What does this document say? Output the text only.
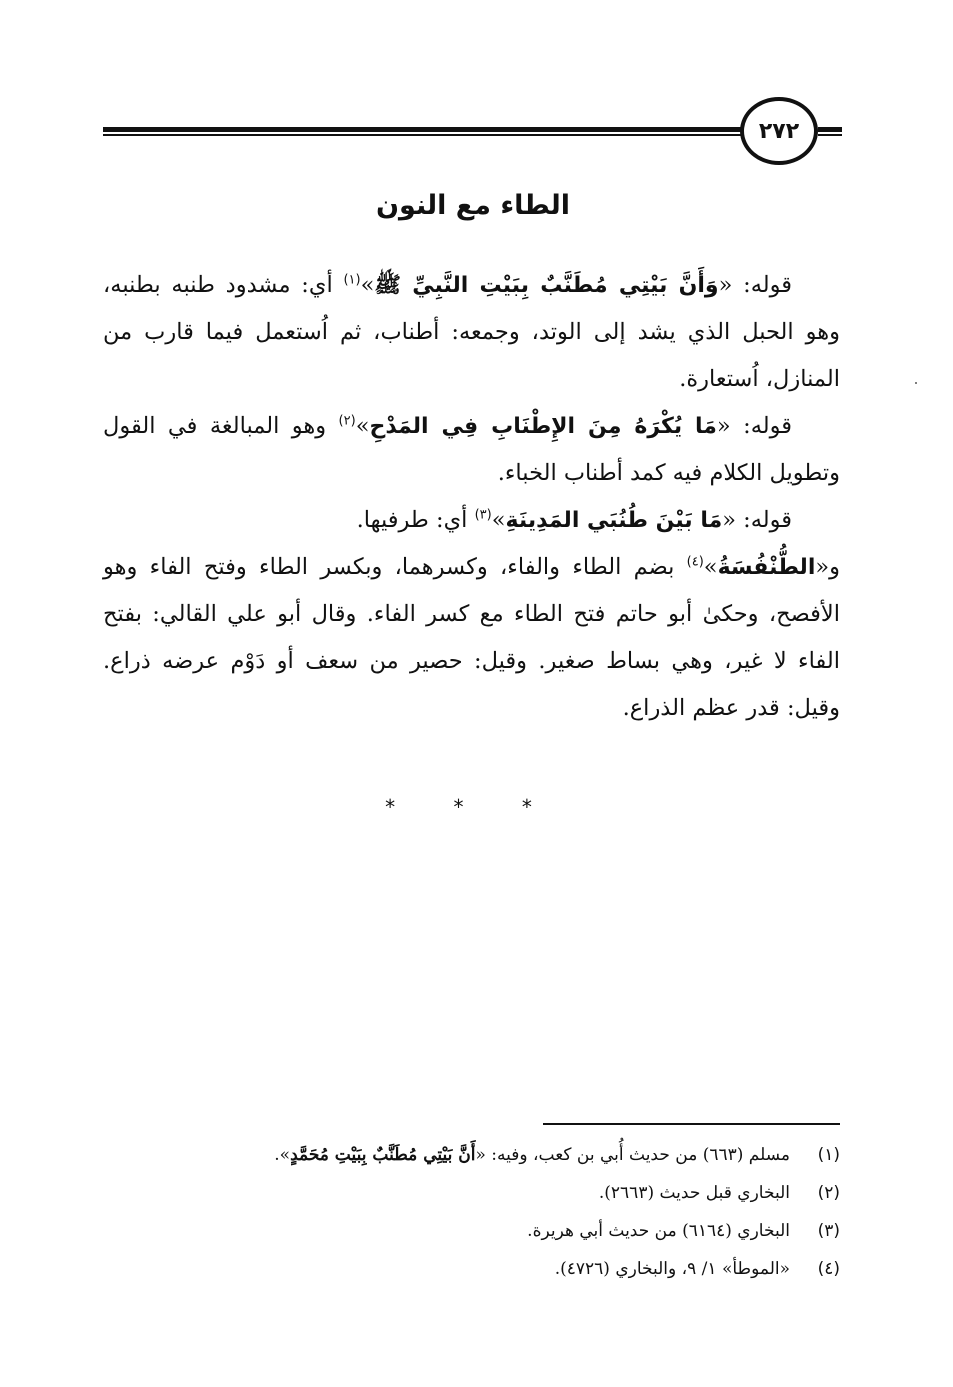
٢٧٢
الطاء مع النون

قوله: «وَأَنَّ بَيْتِي مُطَنَّبٌ بِبَيْتِ النَّبِيِّ ﷺ»$^{(١)}$ أي: مشدود طنبه بطنبه، وهو الحبل الذي يشد إلى الوتد، وجمعه: أطناب، ثم اُستعمل فيما قارب من المنازل، اُستعارة.

قوله: «مَا يُكْرَهُ مِنَ الإِطْنَابِ فِي المَدْحِ»$^{(٢)}$ وهو المبالغة في القول وتطويل الكلام فيه كمد أطناب الخباء.

قوله: «مَا بَيْنَ طُنُبَي المَدِينَةِ»$^{(٣)}$ أي: طرفيها.

و«الطُّنْفُسَةُ»$^{(٤)}$ بضم الطاء والفاء، وكسرهما، وبكسر الطاء وفتح الفاء وهو الأفصح، وحكىٰ أبو حاتم فتح الطاء مع كسر الفاء. وقال أبو علي القالي: بفتح الفاء لا غير، وهي بساط صغير. وقيل: حصير من سعف أو دَوْم عرضه ذراع. وقيل: قدر عظم الذراع.

* * *
(١)
مسلم (٦٦٣) من حديث أُبي بن كعب، وفيه: «أَنَّ بَيْتِي مُطَنَّبٌ بِبَيْتِ مُحَمَّدٍ».
(٢)
البخاري قبل حديث (٢٦٦٣).
(٣)
البخاري (٦١٦٤) من حديث أبي هريرة.
(٤)
«الموطأ» ١/ ٩، والبخاري (٤٧٢٦).
